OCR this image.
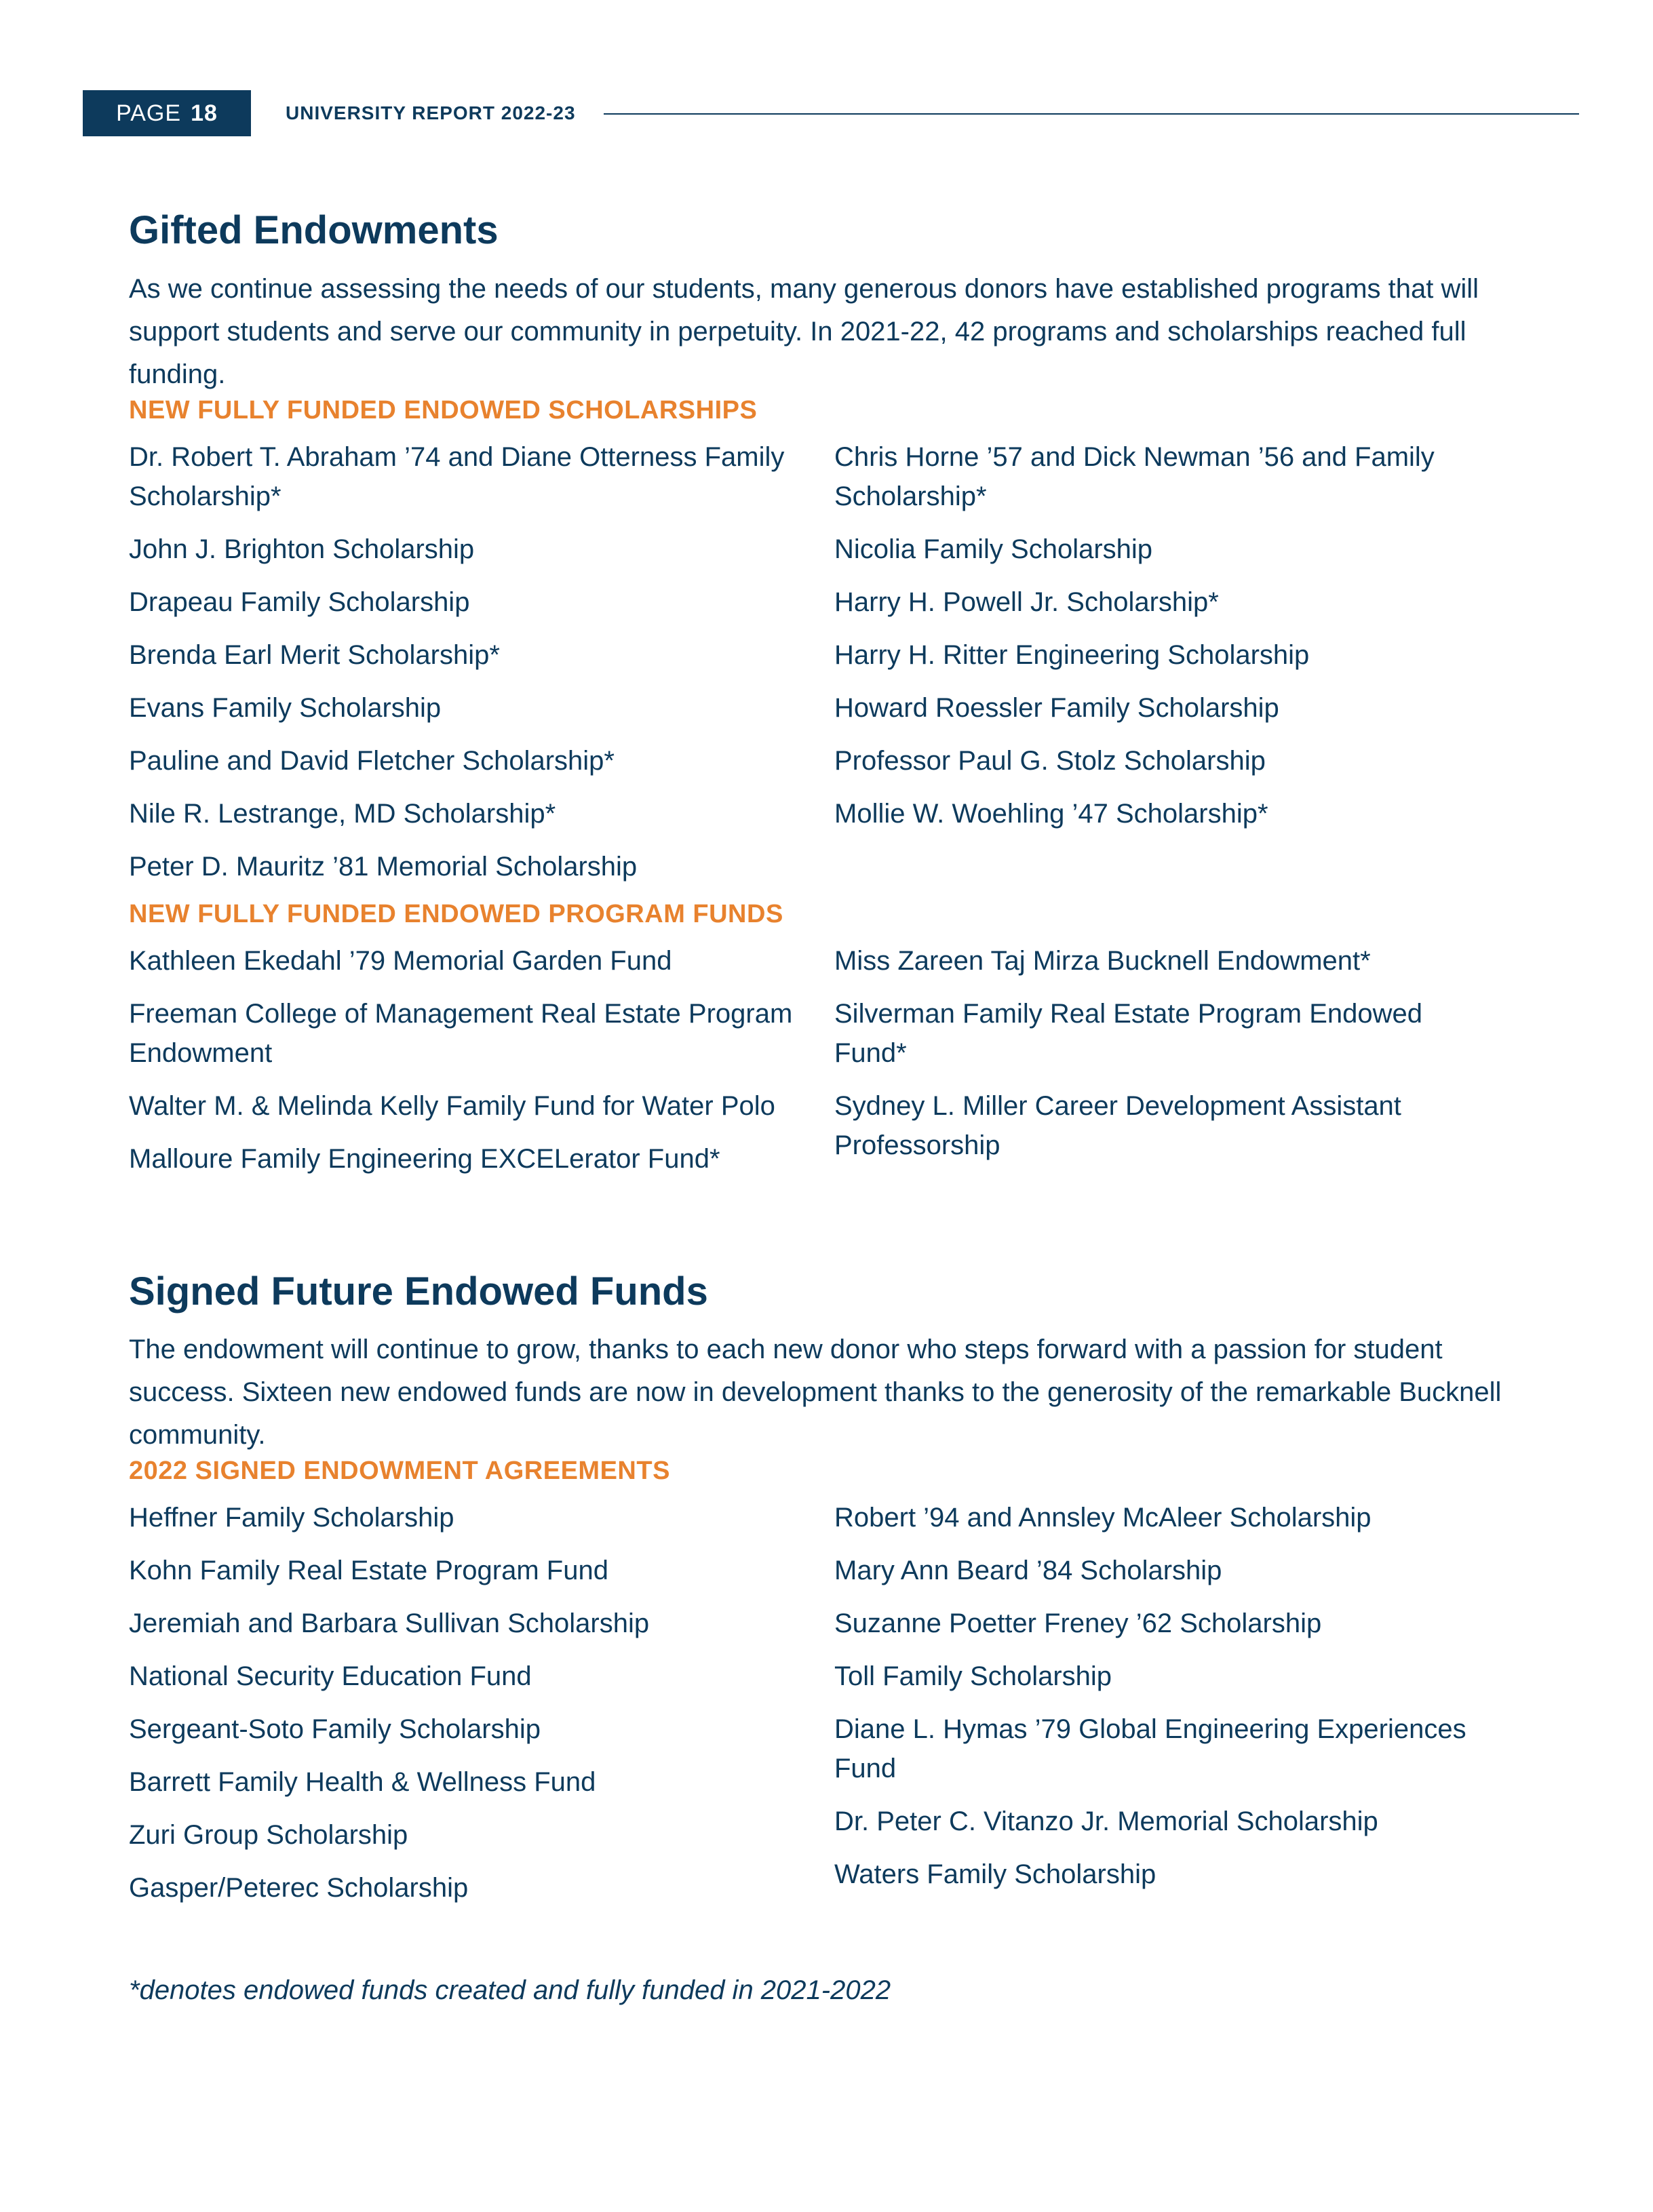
PAGE 18	UNIVERSITY REPORT 2022-23
Gifted Endowments

As we continue assessing the needs of our students, many generous donors have established programs that will support students and serve our community in perpetuity. In 2021-22, 42 programs and scholarships reached full funding.

NEW FULLY FUNDED ENDOWED SCHOLARSHIPS
Dr. Robert T. Abraham ’74 and Diane Otterness Family Scholarship*
John J. Brighton Scholarship
Drapeau Family Scholarship
Brenda Earl Merit Scholarship*
Evans Family Scholarship
Pauline and David Fletcher Scholarship*
Nile R. Lestrange, MD Scholarship*
Peter D. Mauritz ’81 Memorial Scholarship
Chris Horne ’57 and Dick Newman ’56 and Family Scholarship*
Nicolia Family Scholarship
Harry H. Powell Jr. Scholarship*
Harry H. Ritter Engineering Scholarship
Howard Roessler Family Scholarship
Professor Paul G. Stolz Scholarship
Mollie W. Woehling ’47 Scholarship*
NEW FULLY FUNDED ENDOWED PROGRAM FUNDS
Kathleen Ekedahl ’79 Memorial Garden Fund
Freeman College of Management Real Estate Program Endowment
Walter M. & Melinda Kelly Family Fund for Water Polo
Malloure Family Engineering EXCELerator Fund*
Miss Zareen Taj Mirza Bucknell Endowment*
Silverman Family Real Estate Program Endowed Fund*
Sydney L. Miller Career Development Assistant Professorship
Signed Future Endowed Funds

The endowment will continue to grow, thanks to each new donor who steps forward with a passion for student success. Sixteen new endowed funds are now in development thanks to the generosity of the remarkable Bucknell community.

2022 SIGNED ENDOWMENT AGREEMENTS
Heffner Family Scholarship
Kohn Family Real Estate Program Fund
Jeremiah and Barbara Sullivan Scholarship
National Security Education Fund
Sergeant-Soto Family Scholarship
Barrett Family Health & Wellness Fund
Zuri Group Scholarship
Gasper/Peterec Scholarship
Robert ’94 and Annsley McAleer Scholarship
Mary Ann Beard ’84 Scholarship
Suzanne Poetter Freney ’62 Scholarship
Toll Family Scholarship
Diane L. Hymas ’79 Global Engineering Experiences Fund
Dr. Peter C. Vitanzo Jr. Memorial Scholarship
Waters Family Scholarship
*denotes endowed funds created and fully funded in 2021-2022
